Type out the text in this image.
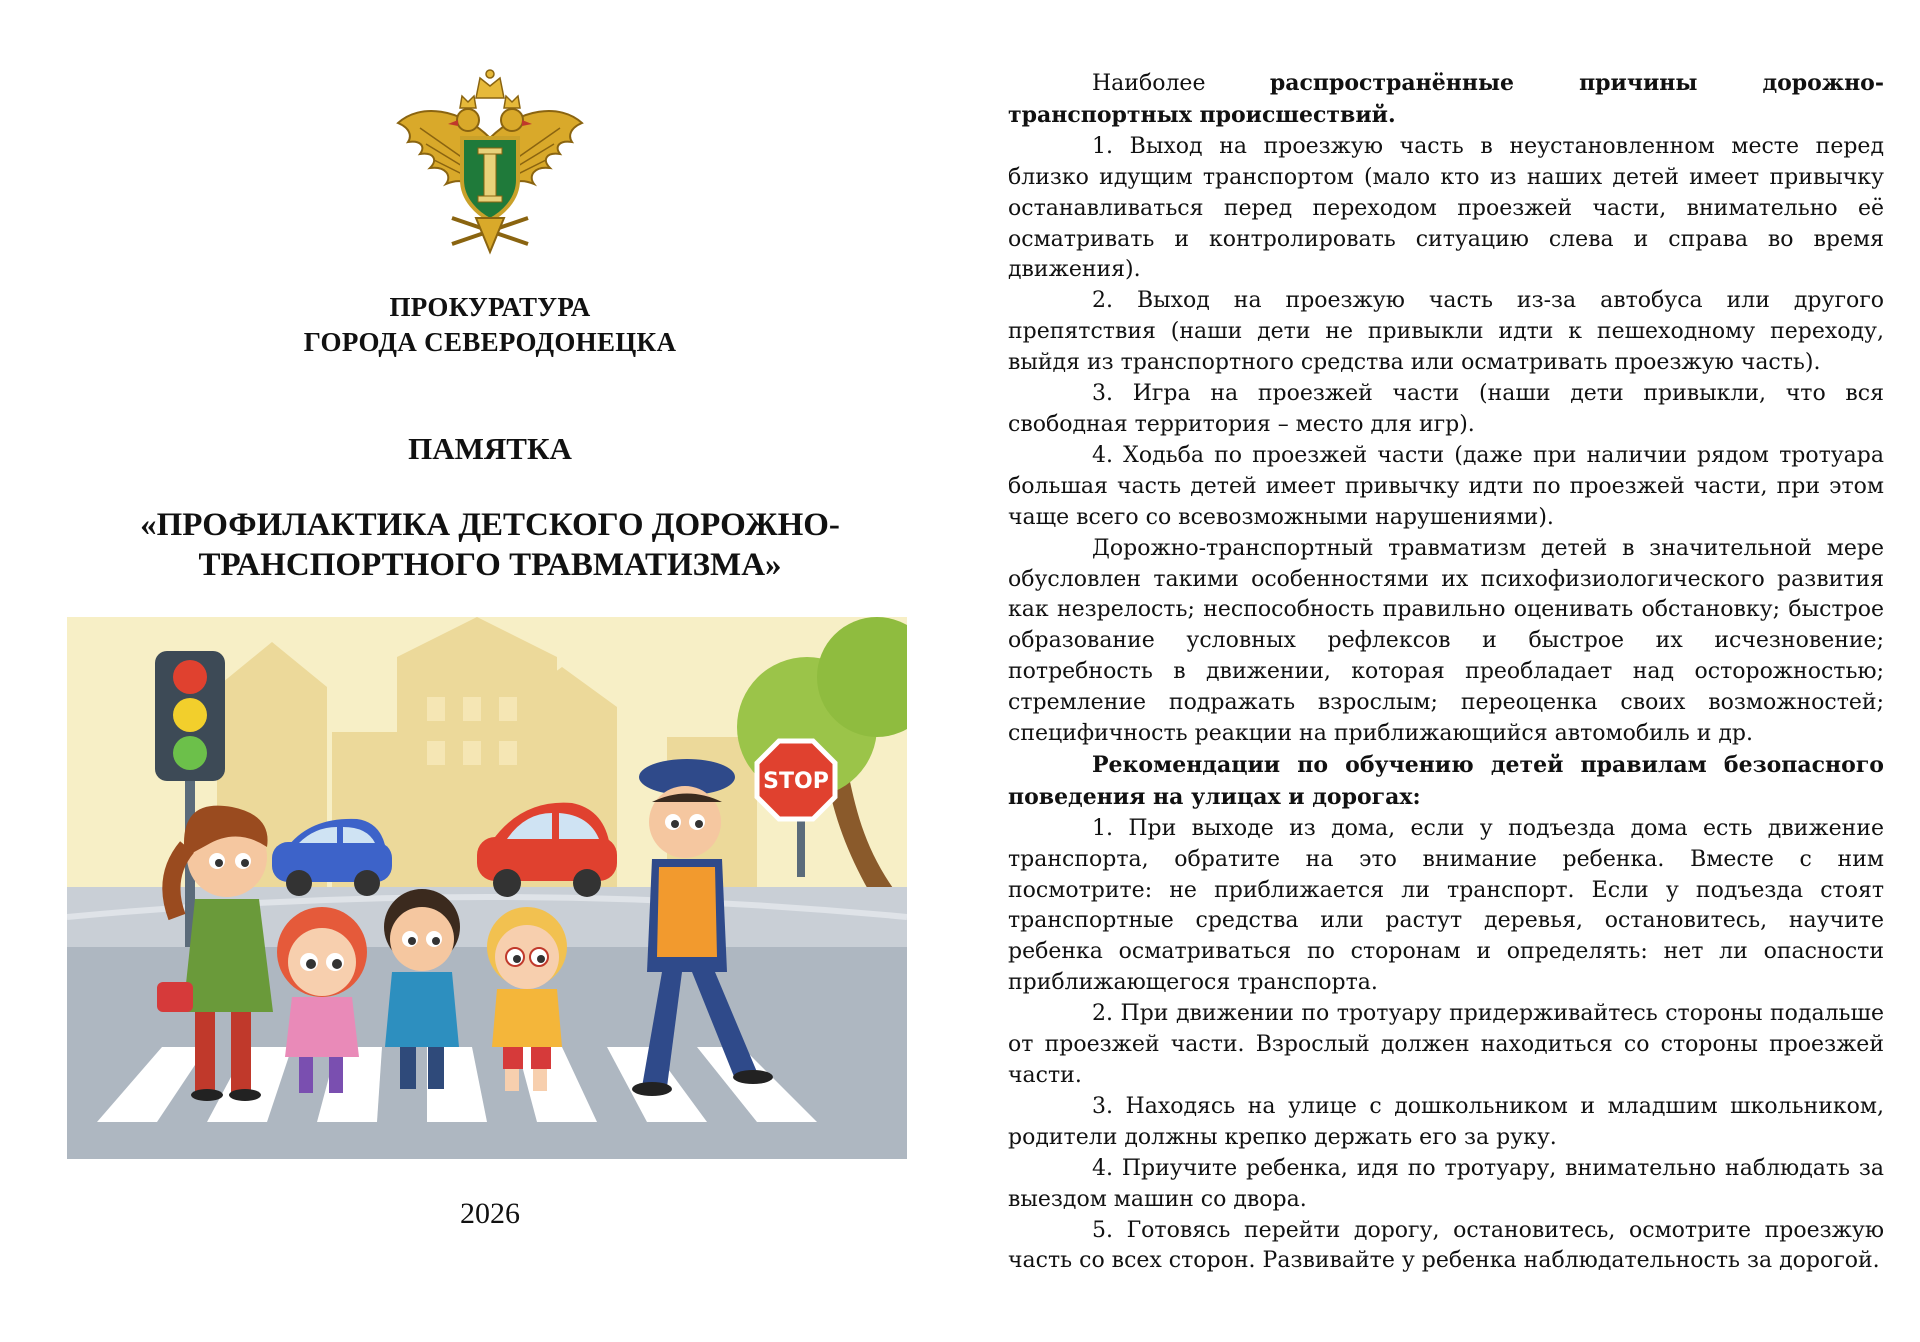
ПРОКУРАТУРА
ГОРОДА СЕВЕРОДОНЕЦКА
ПАМЯТКА
«ПРОФИЛАКТИКА ДЕТСКОГО ДОРОЖНО-
ТРАНСПОРТНОГО ТРАВМАТИЗМА»
STOP
2026

Наиболее распространённые причины дорожно-транспортных происшествий.

1. Выход на проезжую часть в неустановленном месте перед близко идущим транспортом (мало кто из наших детей имеет привычку останавливаться перед переходом проезжей части, внимательно её осматривать и контролировать ситуацию слева и справа во время движения).

2. Выход на проезжую часть из-за автобуса или другого препятствия (наши дети не привыкли идти к пешеходному переходу, выйдя из транспортного средства или осматривать проезжую часть).

3. Игра на проезжей части (наши дети привыкли, что вся свободная территория – место для игр).

4. Ходьба по проезжей части (даже при наличии рядом тротуара большая часть детей имеет привычку идти по проезжей части, при этом чаще всего со всевозможными нарушениями).

Дорожно-транспортный травматизм детей в значительной мере обусловлен такими особенностями их психофизиологического развития как незрелость; неспособность правильно оценивать обстановку; быстрое образование условных рефлексов и быстрое их исчезновение; потребность в движении, которая преобладает над осторожностью; стремление подражать взрослым; переоценка своих возможностей; специфичность реакции на приближающийся автомобиль и др.

Рекомендации по обучению детей правилам безопасного поведения на улицах и дорогах:

1. При выходе из дома, если у подъезда дома есть движение транспорта, обратите на это внимание ребенка. Вместе с ним посмотрите: не приближается ли транспорт. Если у подъезда стоят транспортные средства или растут деревья, остановитесь, научите ребенка осматриваться по сторонам и определять: нет ли опасности приближающегося транспорта.

2. При движении по тротуару придерживайтесь стороны подальше от проезжей части. Взрослый должен находиться со стороны проезжей части.

3. Находясь на улице с дошкольником и младшим школьником, родители должны крепко держать его за руку.

4. Приучите ребенка, идя по тротуару, внимательно наблюдать за выездом машин со двора.

5. Готовясь перейти дорогу, остановитесь, осмотрите проезжую часть со всех сторон. Развивайте у ребенка наблюдательность за дорогой.
